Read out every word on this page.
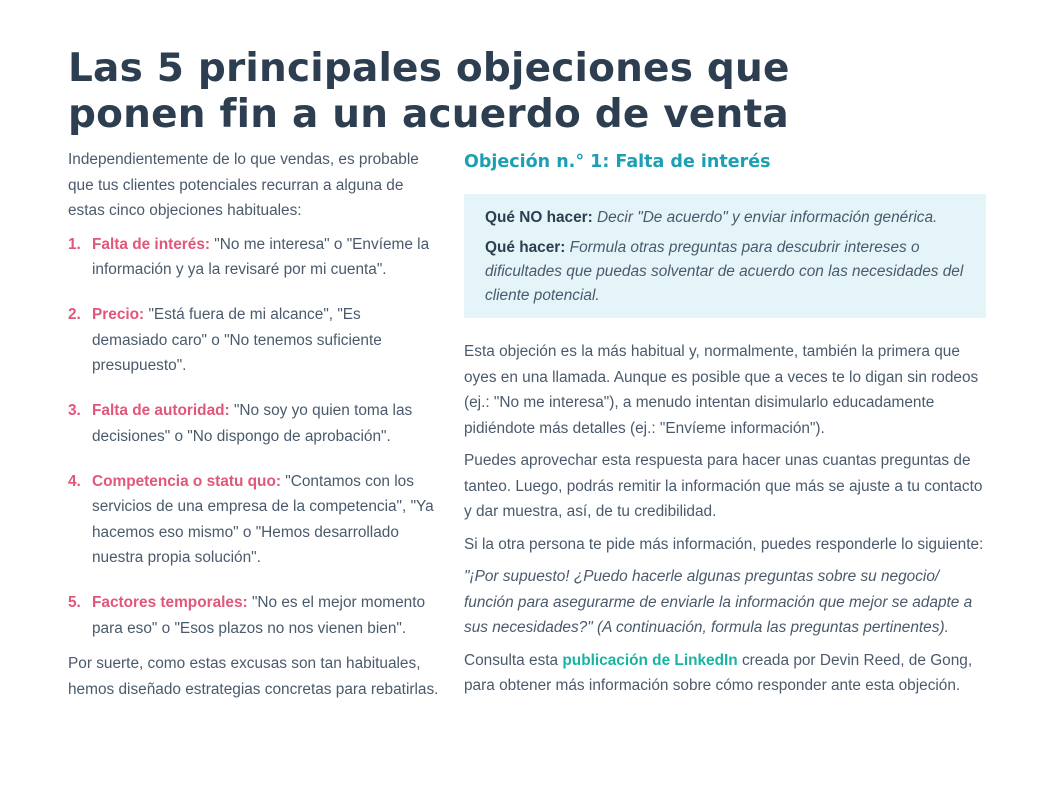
Las 5 principales objeciones que
ponen fin a un acuerdo de venta

Independientemente de lo que vendas, es probable que tus clientes potenciales recurran a alguna de estas cinco objeciones habituales:

1. Falta de interés: "No me interesa" o "Envíeme la información y ya la revisaré por mi cuenta".
2. Precio: "Está fuera de mi alcance", "Es demasiado caro" o "No tenemos suficiente presupuesto".
3. Falta de autoridad: "No soy yo quien toma las decisiones" o "No dispongo de aprobación".
4. Competencia o statu quo: "Contamos con los servicios de una empresa de la competencia", "Ya hacemos eso mismo" o "Hemos desarrollado nuestra propia solución".
5. Factores temporales: "No es el mejor momento para eso" o "Esos plazos no nos vienen bien".

Por suerte, como estas excusas son tan habituales, hemos diseñado estrategias concretas para rebatirlas.

Objeción n.° 1: Falta de interés

Qué NO hacer: Decir "De acuerdo" y enviar información genérica.

Qué hacer: Formula otras preguntas para descubrir intereses o dificultades que puedas solventar de acuerdo con las necesidades del cliente potencial.

Esta objeción es la más habitual y, normalmente, también la primera que oyes en una llamada. Aunque es posible que a veces te lo digan sin rodeos (ej.: "No me interesa"), a menudo intentan disimularlo educadamente pidiéndote más detalles (ej.: "Envíeme información").

Puedes aprovechar esta respuesta para hacer unas cuantas preguntas de tanteo. Luego, podrás remitir la información que más se ajuste a tu contacto y dar muestra, así, de tu credibilidad.

Si la otra persona te pide más información, puedes responderle lo siguiente:

"¡Por supuesto! ¿Puedo hacerle algunas preguntas sobre su negocio/ función para asegurarme de enviarle la información que mejor se adapte a sus necesidades?" (A continuación, formula las preguntas pertinentes).

Consulta esta publicación de LinkedIn creada por Devin Reed, de Gong, para obtener más información sobre cómo responder ante esta objeción.
